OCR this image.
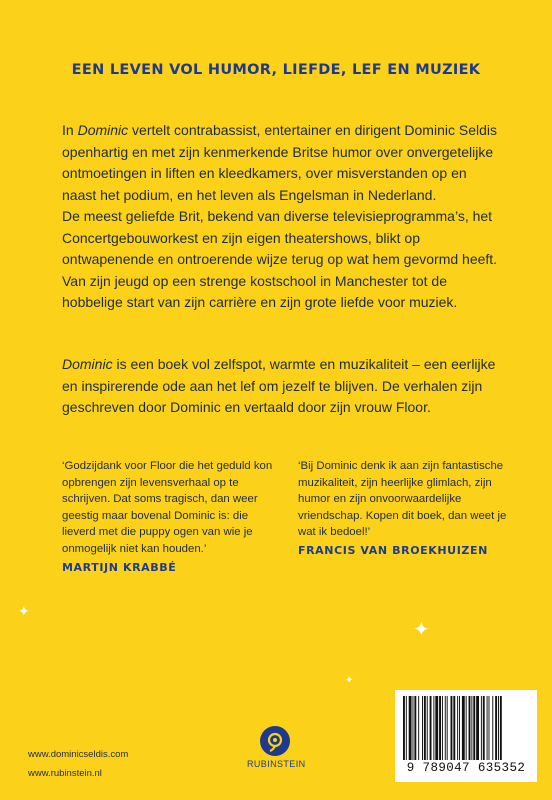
EEN LEVEN VOL HUMOR, LIEFDE, LEF EN MUZIEK
In Dominic vertelt contrabassist, entertainer en dirigent Dominic Seldis openhartig en met zijn kenmerkende Britse humor over onvergetelijke ontmoetingen in liften en kleedkamers, over misverstanden op en naast het podium, en het leven als Engelsman in Nederland.
De meest geliefde Brit, bekend van diverse televisieprogramma’s, het Concertgebouworkest en zijn eigen theatershows, blikt op ontwapenende en ontroerende wijze terug op wat hem gevormd heeft. Van zijn jeugd op een strenge kostschool in Manchester tot de hobbelige start van zijn carrière en zijn grote liefde voor muziek.
Dominic is een boek vol zelfspot, warmte en muzikaliteit – een eerlijke en inspirerende ode aan het lef om jezelf te blijven. De verhalen zijn geschreven door Dominic en vertaald door zijn vrouw Floor.
‘Godzijdank voor Floor die het geduld kon opbrengen zijn levensverhaal op te schrijven. Dat soms tragisch, dan weer geestig maar bovenal Dominic is: die lieverd met die puppy ogen van wie je onmogelijk niet kan houden.’
MARTIJN KRABBÉ
‘Bij Dominic denk ik aan zijn fantastische muzikaliteit, zijn heerlijke glimlach, zijn humor en zijn onvoorwaardelijke vriendschap. Kopen dit boek, dan weet je wat ik bedoel!’
FRANCIS VAN BROEKHUIZEN
✦
✦
✦
www.dominicseldis.com
www.rubinstein.nl
RUBINSTEIN	9 789047 635352
